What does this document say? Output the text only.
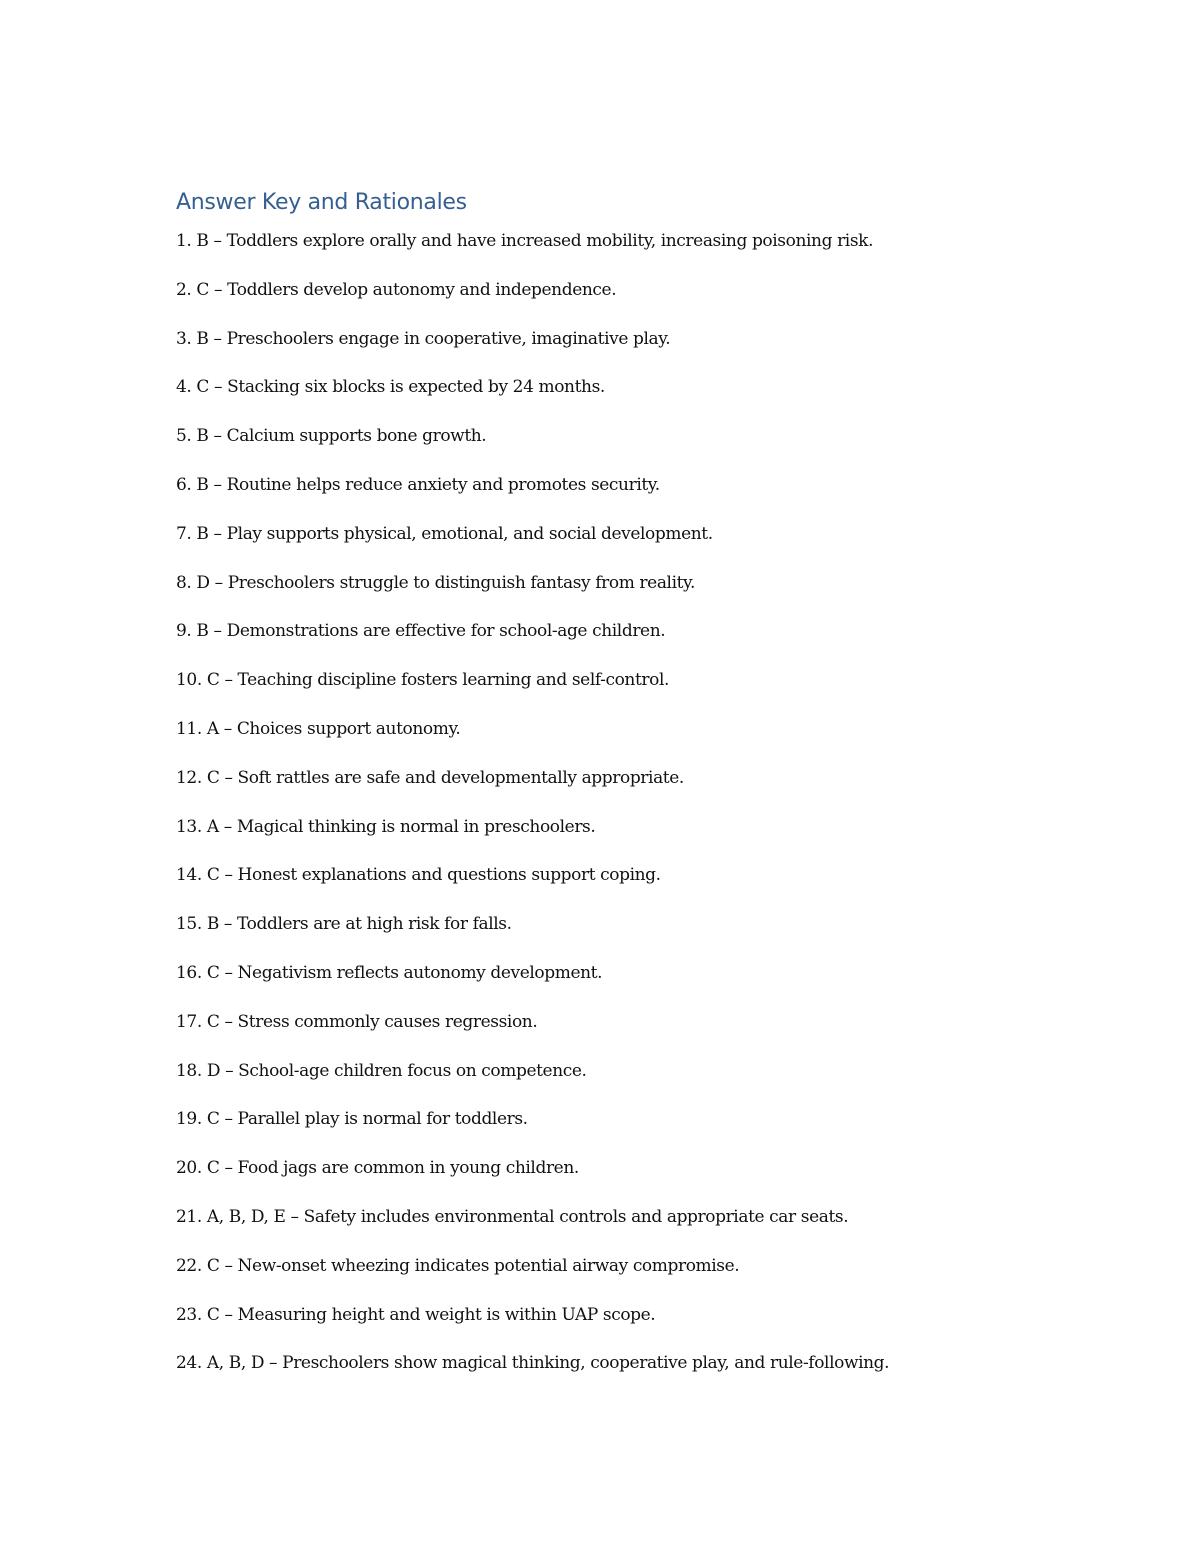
Answer Key and Rationales
1. B – Toddlers explore orally and have increased mobility, increasing poisoning risk.
2. C – Toddlers develop autonomy and independence.
3. B – Preschoolers engage in cooperative, imaginative play.
4. C – Stacking six blocks is expected by 24 months.
5. B – Calcium supports bone growth.
6. B – Routine helps reduce anxiety and promotes security.
7. B – Play supports physical, emotional, and social development.
8. D – Preschoolers struggle to distinguish fantasy from reality.
9. B – Demonstrations are effective for school-age children.
10. C – Teaching discipline fosters learning and self-control.
11. A – Choices support autonomy.
12. C – Soft rattles are safe and developmentally appropriate.
13. A – Magical thinking is normal in preschoolers.
14. C – Honest explanations and questions support coping.
15. B – Toddlers are at high risk for falls.
16. C – Negativism reflects autonomy development.
17. C – Stress commonly causes regression.
18. D – School-age children focus on competence.
19. C – Parallel play is normal for toddlers.
20. C – Food jags are common in young children.
21. A, B, D, E – Safety includes environmental controls and appropriate car seats.
22. C – New-onset wheezing indicates potential airway compromise.
23. C – Measuring height and weight is within UAP scope.
24. A, B, D – Preschoolers show magical thinking, cooperative play, and rule-following.
